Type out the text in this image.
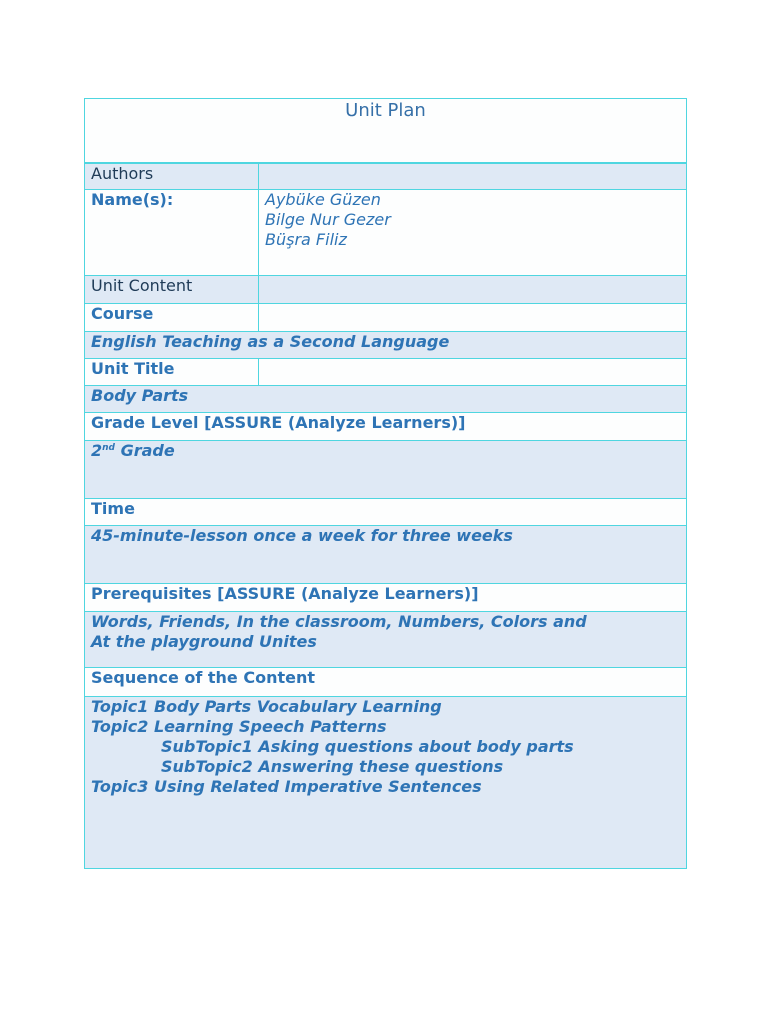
Unit Plan
Authors
Name(s):	Aybüke Güzen
Bilge Nur Gezer
Büşra Filiz
Unit Content
Course
English Teaching as a Second Language
Unit Title
Body Parts
Grade Level [ASSURE (Analyze Learners)]
2nd Grade
Time
45-minute-lesson once a week for three weeks
Prerequisites [ASSURE (Analyze Learners)]
Words, Friends, In the classroom, Numbers, Colors and
At the playground Unites
Sequence of the Content
Topic1 Body Parts Vocabulary Learning
Topic2 Learning Speech Patterns
SubTopic1 Asking questions about body parts
SubTopic2 Answering these questions
Topic3 Using Related Imperative Sentences
